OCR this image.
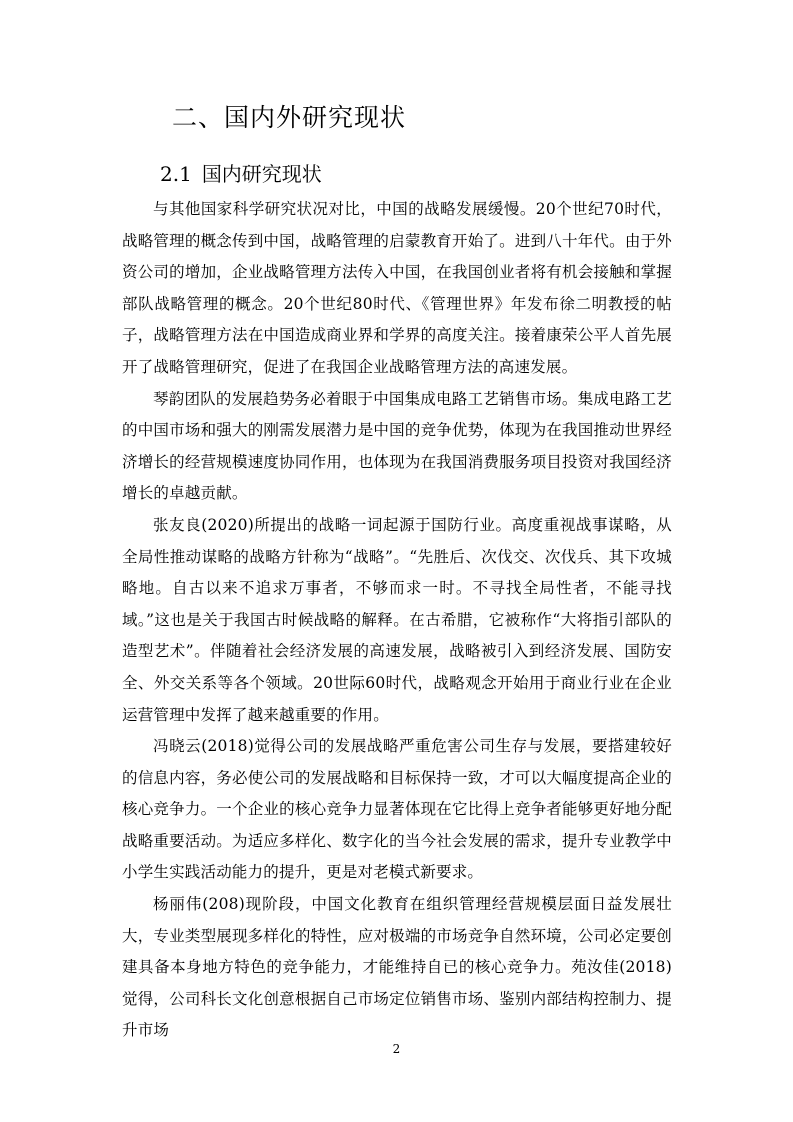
二、国内外研究现状
2.1 国内研究现状

与其他国家科学研究状况对比，中国的战略发展缓慢。20个世纪70时代，战略管理的概念传到中国，战略管理的启蒙教育开始了。进到八十年代。由于外资公司的增加，企业战略管理方法传入中国，在我国创业者将有机会接触和掌握部队战略管理的概念。20个世纪80时代、《管理世界》年发布徐二明教授的帖子，战略管理方法在中国造成商业界和学界的高度关注。接着康荣公平人首先展开了战略管理研究，促进了在我国企业战略管理方法的高速发展。

琴韵团队的发展趋势务必着眼于中国集成电路工艺销售市场。集成电路工艺的中国市场和强大的刚需发展潜力是中国的竞争优势，体现为在我国推动世界经济增长的经营规模速度协同作用，也体现为在我国消费服务项目投资对我国经济增长的卓越贡献。

张友良(2020)所提出的战略一词起源于国防行业。高度重视战事谋略，从全局性推动谋略的战略方针称为“战略”。“先胜后、次伐交、次伐兵、其下攻城略地。自古以来不追求万事者，不够而求一时。不寻找全局性者，不能寻找域。”这也是关于我国古时候战略的解释。在古希腊，它被称作“大将指引部队的造型艺术”。伴随着社会经济发展的高速发展，战略被引入到经济发展、国防安全、外交关系等各个领域。20世际60时代，战略观念开始用于商业行业在企业运营管理中发挥了越来越重要的作用。

冯晓云(2018)觉得公司的发展战略严重危害公司生存与发展，要搭建较好的信息内容，务必使公司的发展战略和目标保持一致，才可以大幅度提高企业的核心竞争力。一个企业的核心竞争力显著体现在它比得上竞争者能够更好地分配战略重要活动。为适应多样化、数字化的当今社会发展的需求，提升专业教学中小学生实践活动能力的提升，更是对老模式新要求。

杨丽伟(208)现阶段，中国文化教育在组织管理经营规模层面日益发展壮大，专业类型展现多样化的特性，应对极端的市场竞争自然环境，公司必定要创建具备本身地方特色的竞争能力，才能维持自已的核心竞争力。苑汝佳(2018)觉得，公司科长文化创意根据自己市场定位销售市场、鉴别内部结构控制力、提升市场

2
